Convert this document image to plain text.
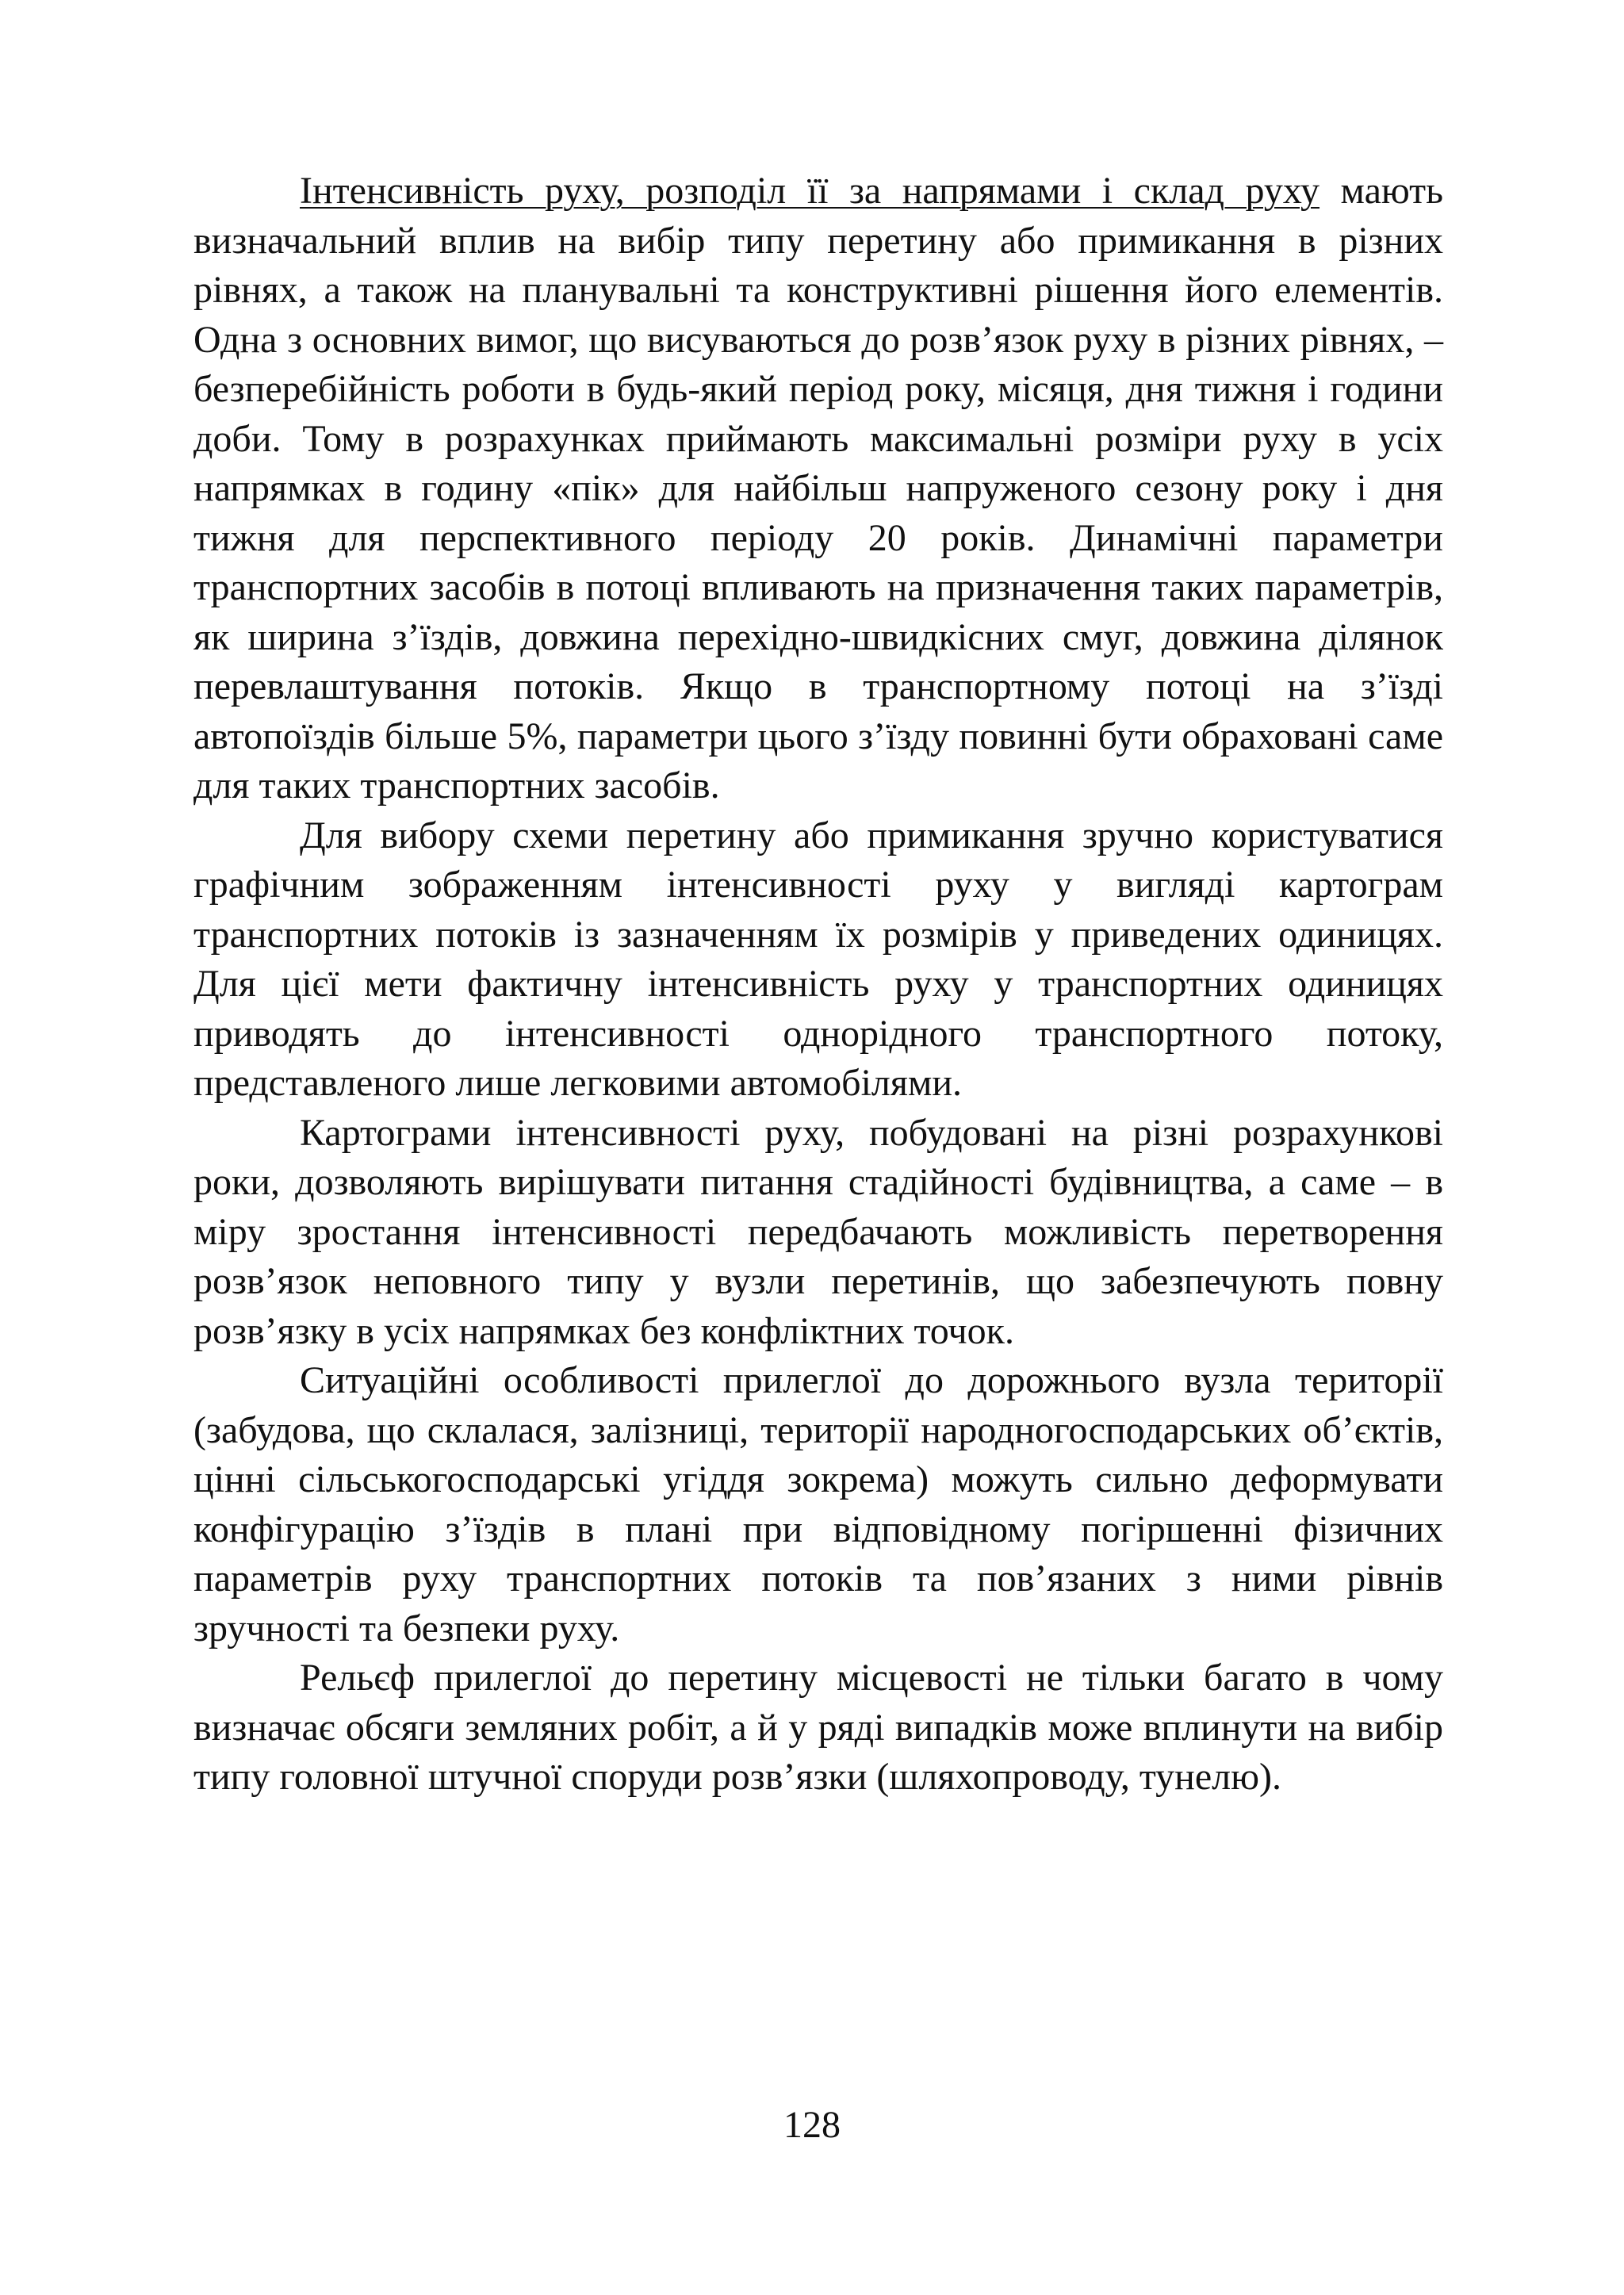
Інтенсивність руху, розподіл її за напрямами і склад руху мають визначальний вплив на вибір типу перетину або примикання в різних рівнях, а також на планувальні та конструктивні рішення його елементів. Одна з основних вимог, що висуваються до розв’язок руху в різних рівнях, – безперебійність роботи в будь-який період року, місяця, дня тижня і години доби. Тому в розрахунках приймають максимальні розміри руху в усіх напрямках в годину «пік» для найбільш напруженого сезону року і дня тижня для перспективного періоду 20 років. Динамічні параметри транспортних засобів в потоці впливають на призначення таких параметрів, як ширина з’їздів, довжина перехідно-швидкісних смуг, довжина ділянок перевлаштування потоків. Якщо в транспортному потоці на з’їзді автопоїздів більше 5%, параметри цього з’їзду повинні бути обраховані саме для таких транспортних засобів.

Для вибору схеми перетину або примикання зручно користуватися графічним зображенням інтенсивності руху у вигляді картограм транспортних потоків із зазначенням їх розмірів у приведених одиницях. Для цієї мети фактичну інтенсивність руху у транспортних одиницях приводять до інтенсивності однорідного транспортного потоку, представленого лише легковими автомобілями.

Картограми інтенсивності руху, побудовані на різні розрахункові роки, дозволяють вирішувати питання стадійності будівництва, а саме – в міру зростання інтенсивності передбачають можливість перетворення розв’язок неповного типу у вузли перетинів, що забезпечують повну розв’язку в усіх напрямках без конфліктних точок.

Ситуаційні особливості прилеглої до дорожнього вузла території (забудова, що склалася, залізниці, території народногосподарських об’єктів, цінні сільськогосподарські угіддя зокрема) можуть сильно деформувати конфігурацію з’їздів в плані при відповідному погіршенні фізичних параметрів руху транспортних потоків та пов’язаних з ними рівнів зручності та безпеки руху.

Рельєф прилеглої до перетину місцевості не тільки багато в чому визначає обсяги земляних робіт, а й у ряді випадків може вплинути на вибір типу головної штучної споруди розв’язки (шляхопроводу, тунелю).

128
